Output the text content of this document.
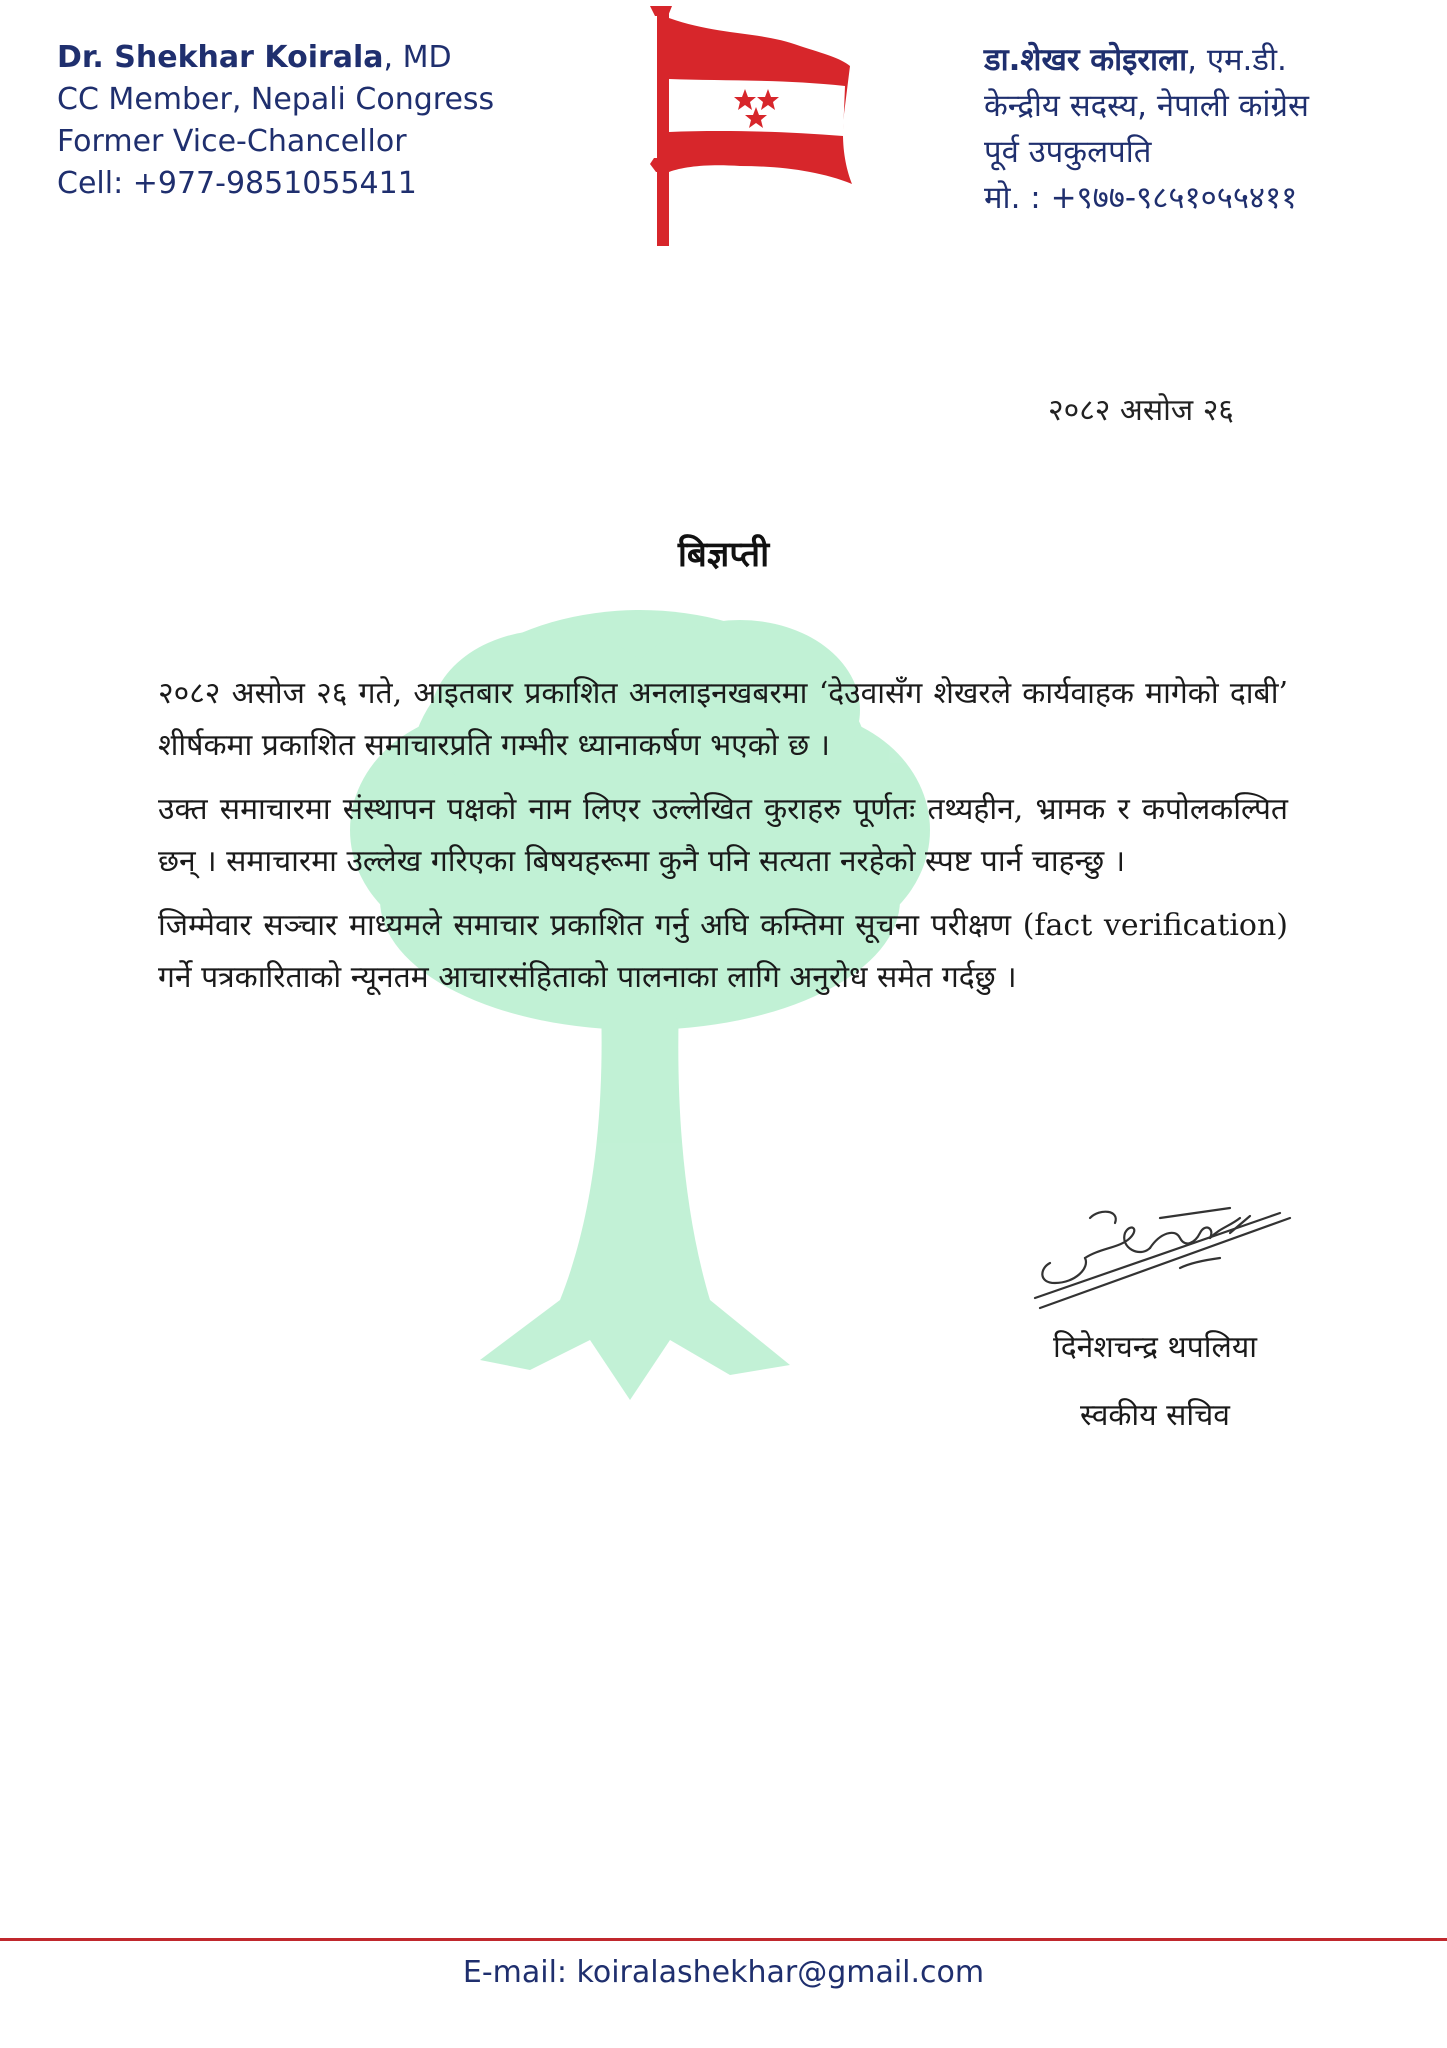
Dr. Shekhar Koirala, MD
CC Member, Nepali Congress
Former Vice-Chancellor
Cell: +977-9851055411
डा.शेखर कोइराला, एम.डी.
केन्द्रीय सदस्य, नेपाली कांग्रेस
पूर्व उपकुलपति
मो. : +९७७-९८५१०५५४११
२०८२ असोज २६
बिज्ञप्ती

२०८२ असोज २६ गते, आइतबार प्रकाशित अनलाइनखबरमा ‘देउवासँग शेखरले कार्यवाहक मागेको दाबी’ शीर्षकमा प्रकाशित समाचारप्रति गम्भीर ध्यानाकर्षण भएको छ ।

उक्त समाचारमा संस्थापन पक्षको नाम लिएर उल्लेखित कुराहरु पूर्णतः तथ्यहीन, भ्रामक र कपोलकल्पित छन् । समाचारमा उल्लेख गरिएका बिषयहरूमा कुनै पनि सत्यता नरहेको स्पष्ट पार्न चाहन्छु ।

जिम्मेवार सञ्चार माध्यमले समाचार प्रकाशित गर्नु अघि कम्तिमा सूचना परीक्षण (fact verification) गर्ने पत्रकारिताको न्यूनतम आचारसंहिताको पालनाका लागि अनुरोध समेत गर्दछु ।

दिनेशचन्द्र थपलिया
स्वकीय सचिव
E-mail: koiralashekhar@gmail.com
